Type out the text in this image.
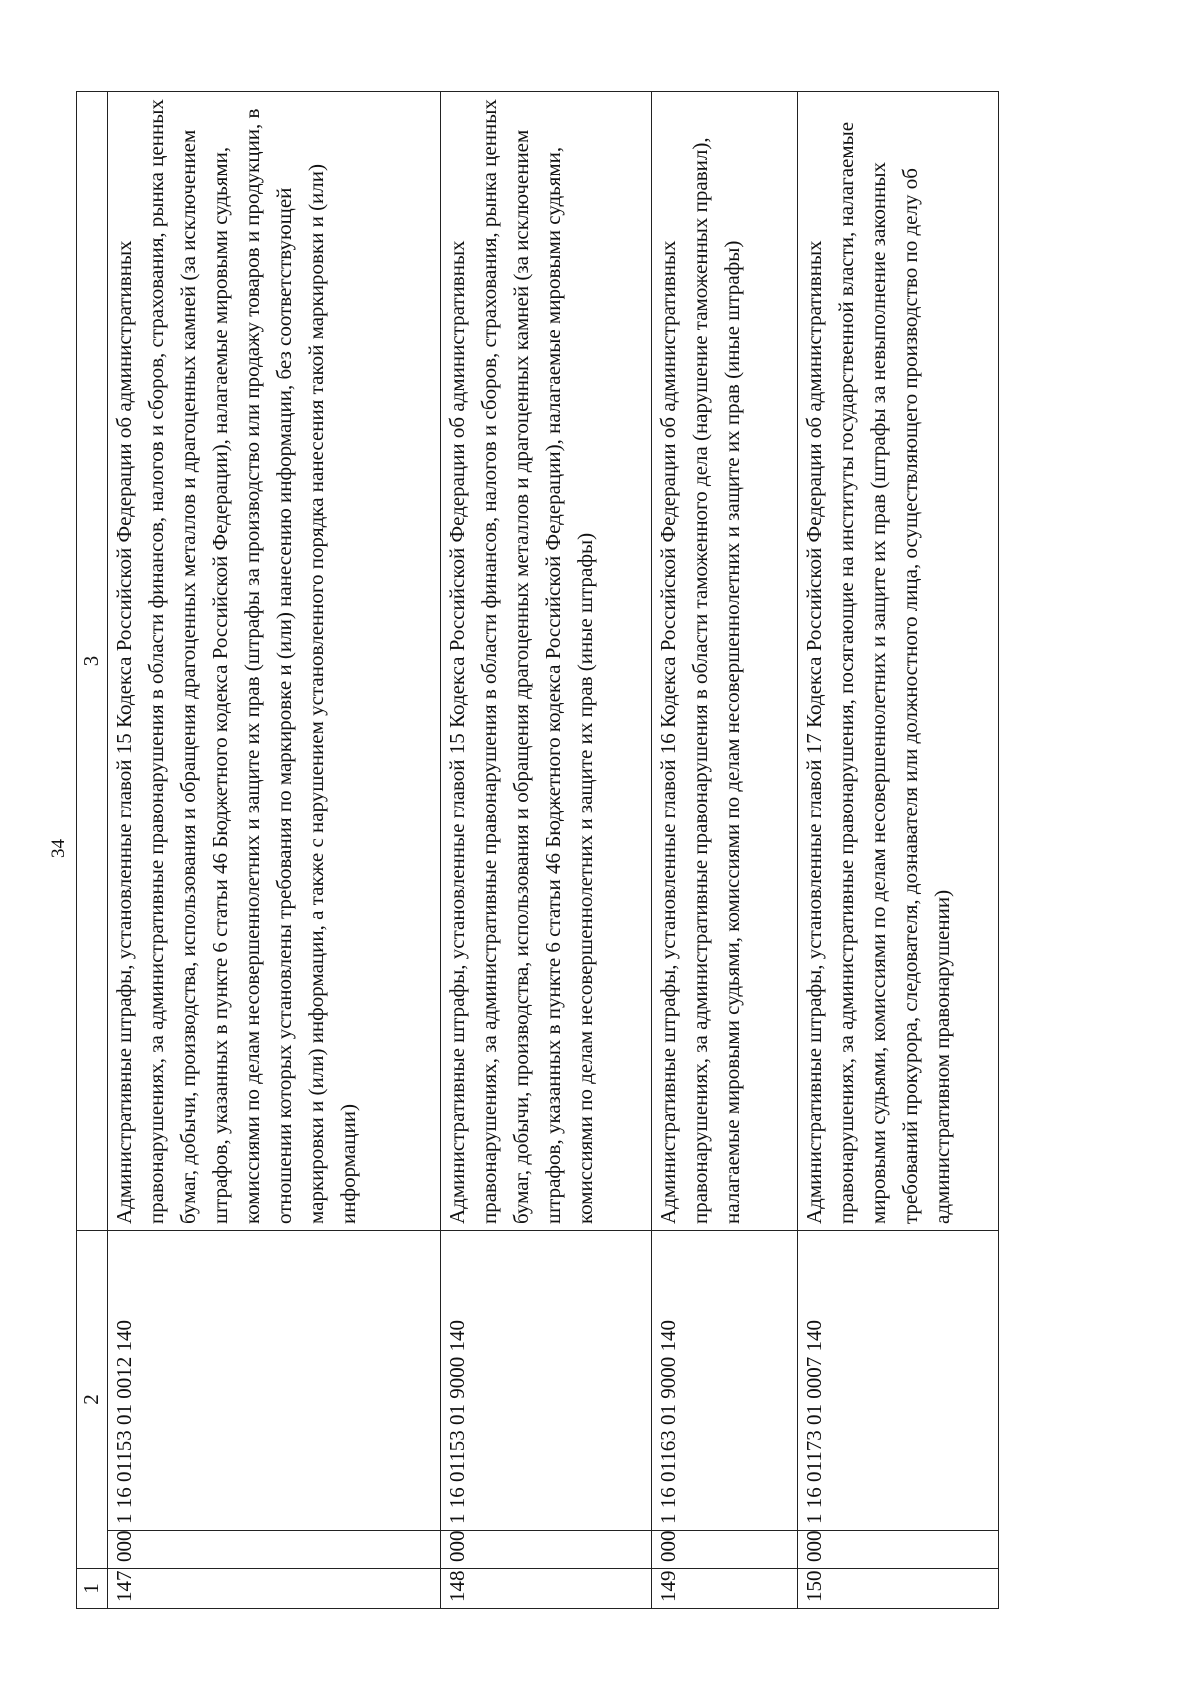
34
1	2		3
147	000	1 16 01153 01 0012 140	Административные штрафы, установленные главой 15 Кодекса Российской Федерации об административных правонарушениях, за административные правонарушения в области финансов, налогов и сборов, страхования, рынка ценных бумаг, добычи, производства, использования и обращения драгоценных металлов и драгоценных камней (за исключением штрафов, указанных в пункте 6 статьи 46 Бюджетного кодекса Российской Федерации), налагаемые мировыми судьями, комиссиями по делам несовершеннолетних и защите их прав (штрафы за производство или продажу товаров и продукции, в отношении которых установлены требования по маркировке и (или) нанесению информации, без соответствующей маркировки и (или) информации, а также с нарушением установленного порядка нанесения такой маркировки и (или) информации)
148	000	1 16 01153 01 9000 140	Административные штрафы, установленные главой 15 Кодекса Российской Федерации об административных правонарушениях, за административные правонарушения в области финансов, налогов и сборов, страхования, рынка ценных бумаг, добычи, производства, использования и обращения драгоценных металлов и драгоценных камней (за исключением штрафов, указанных в пункте 6 статьи 46 Бюджетного кодекса Российской Федерации), налагаемые мировыми судьями, комиссиями по делам несовершеннолетних и защите их прав (иные штрафы)
149	000	1 16 01163 01 9000 140	Административные штрафы, установленные главой 16 Кодекса Российской Федерации об административных правонарушениях, за административные правонарушения в области таможенного дела (нарушение таможенных правил), налагаемые мировыми судьями, комиссиями по делам несовершеннолетних и защите их прав (иные штрафы)
150	000	1 16 01173 01 0007 140	Административные штрафы, установленные главой 17 Кодекса Российской Федерации об административных правонарушениях, за административные правонарушения, посягающие на институты государственной власти, налагаемые мировыми судьями, комиссиями по делам несовершеннолетних и защите их прав (штрафы за невыполнение законных требований прокурора, следователя, дознавателя или должностного лица, осуществляющего производство по делу об административном правонарушении)
